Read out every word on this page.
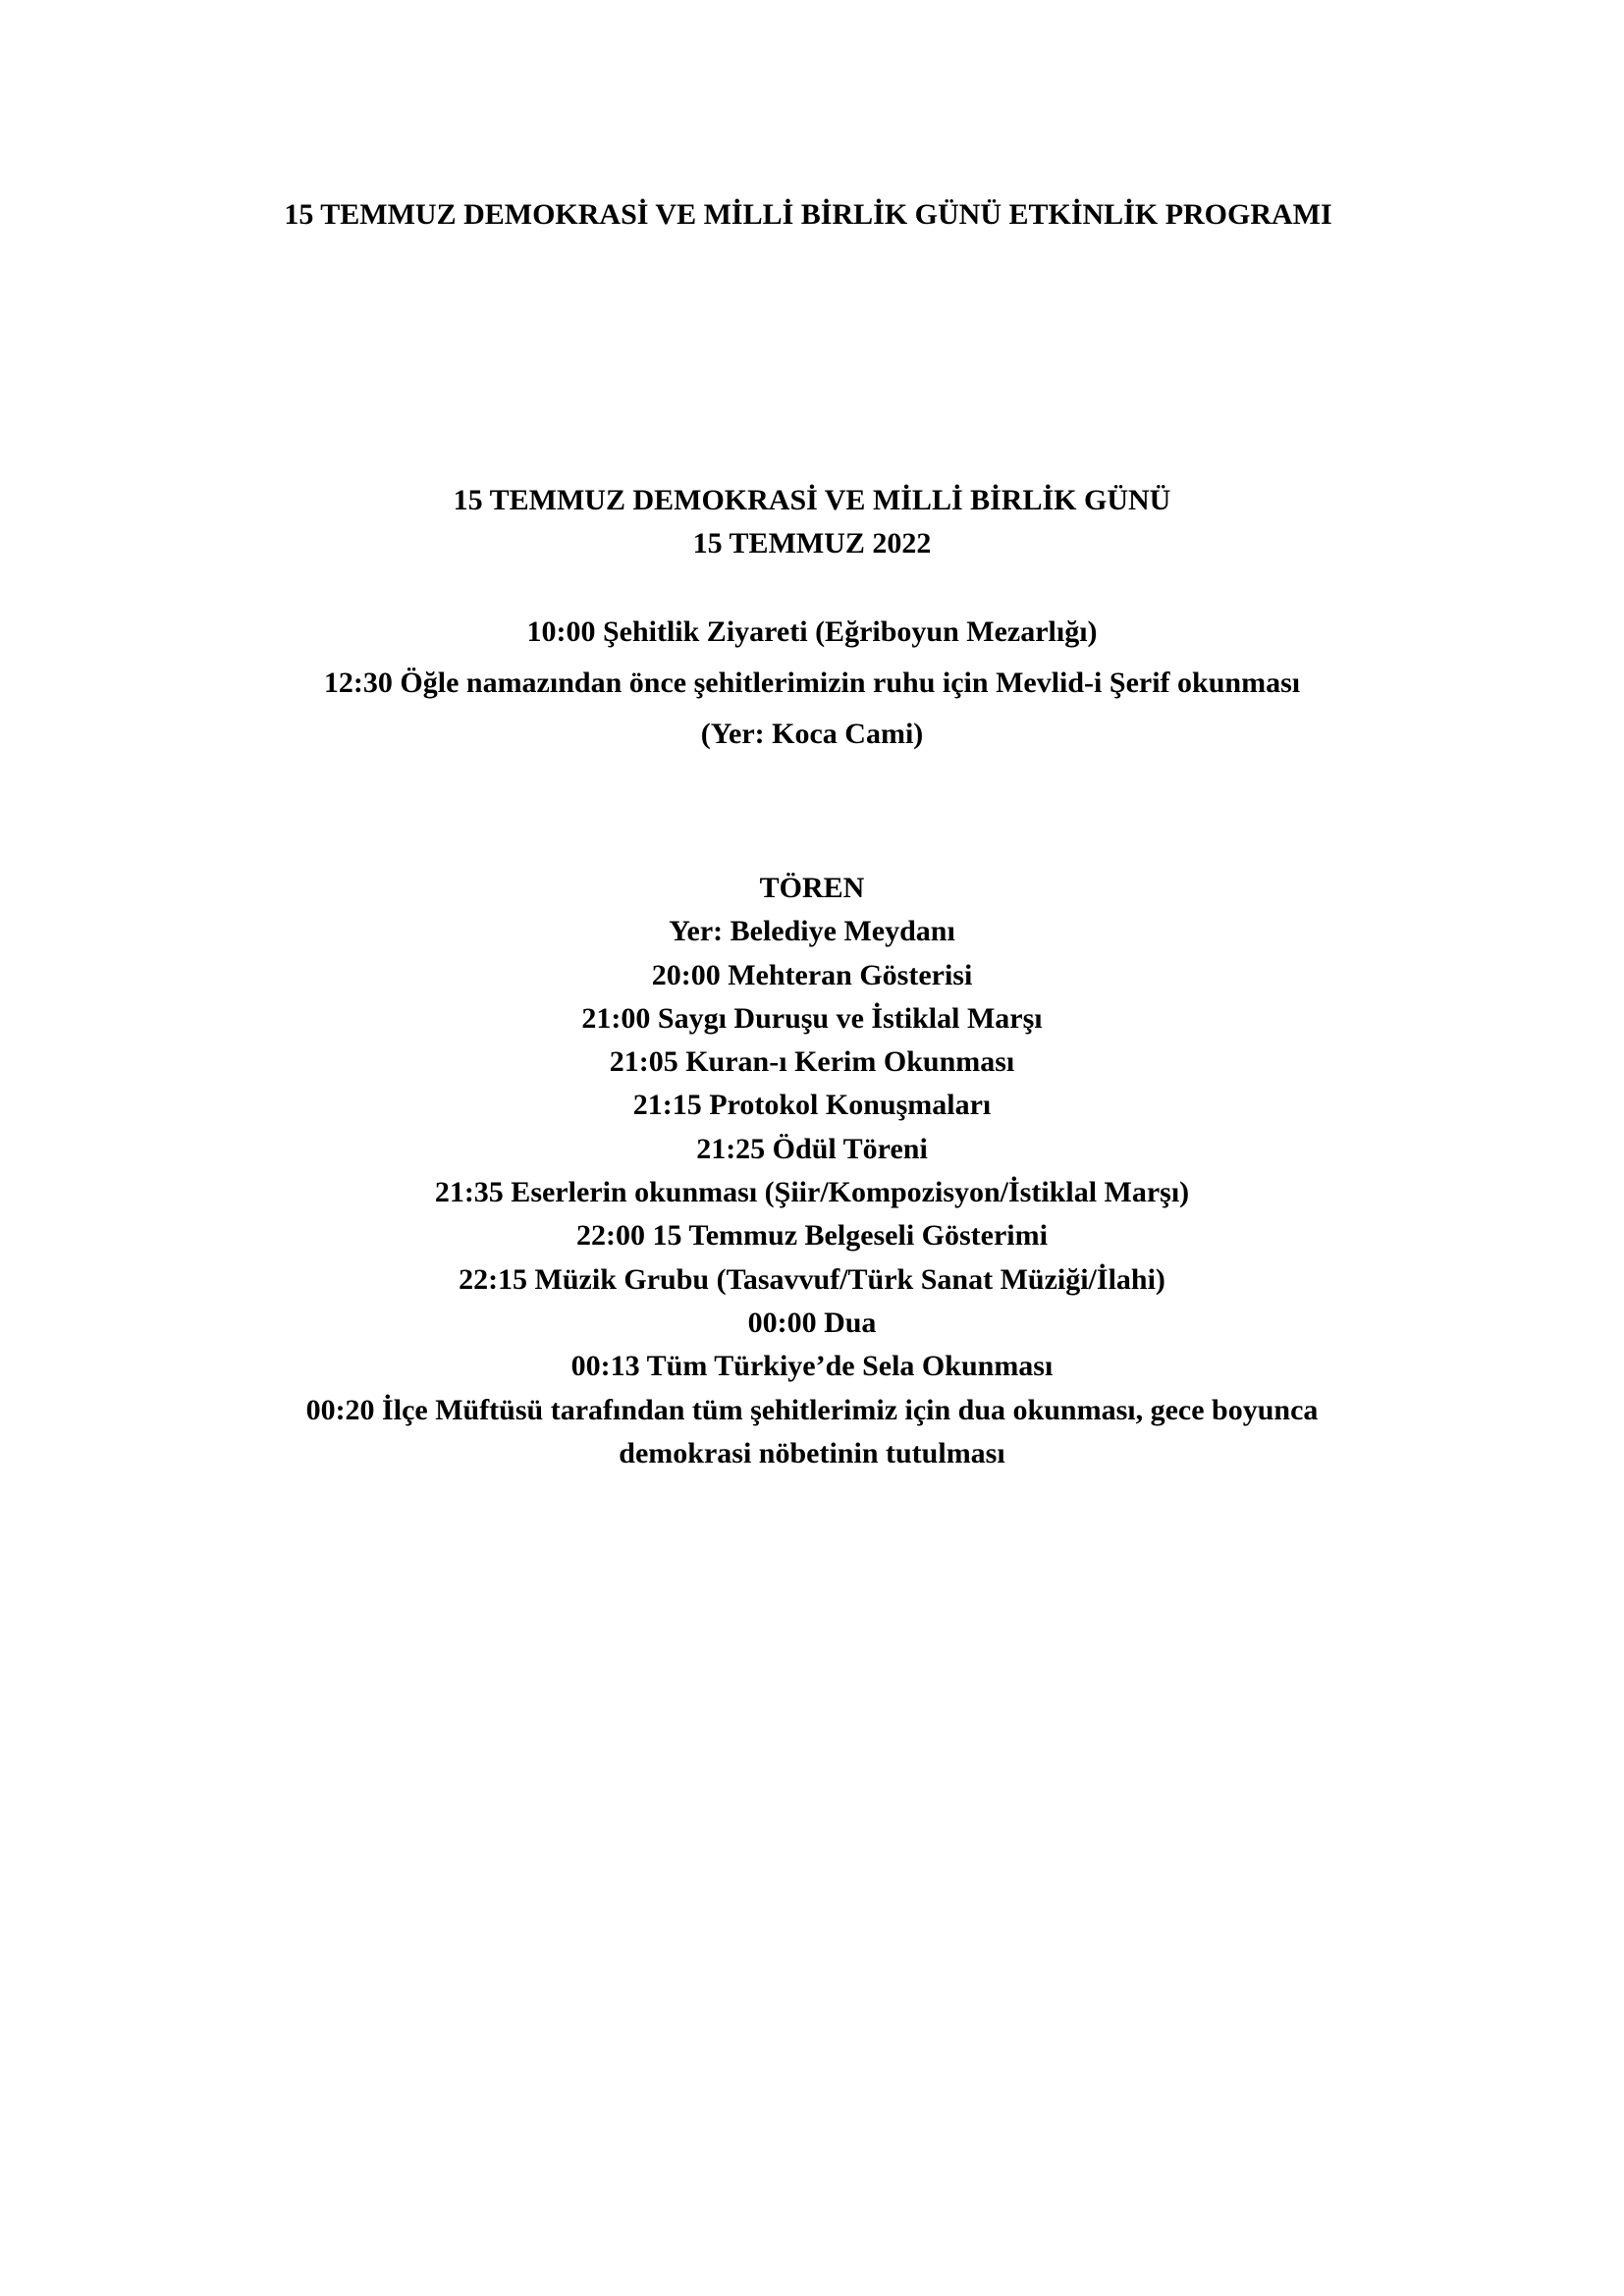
15 TEMMUZ DEMOKRASİ VE MİLLİ BİRLİK GÜNÜ ETKİNLİK PROGRAMI
15 TEMMUZ DEMOKRASİ VE MİLLİ BİRLİK GÜNÜ
15 TEMMUZ 2022
10:00 Şehitlik Ziyareti (Eğriboyun Mezarlığı)
12:30 Öğle namazından önce şehitlerimizin ruhu için Mevlid-i Şerif okunması
(Yer: Koca Cami)
TÖREN
Yer: Belediye Meydanı
20:00 Mehteran Gösterisi
21:00 Saygı Duruşu ve İstiklal Marşı
21:05 Kuran-ı Kerim Okunması
21:15 Protokol Konuşmaları
21:25 Ödül Töreni
21:35 Eserlerin okunması (Şiir/Kompozisyon/İstiklal Marşı)
22:00 15 Temmuz Belgeseli Gösterimi
22:15 Müzik Grubu (Tasavvuf/Türk Sanat Müziği/İlahi)
00:00 Dua
00:13 Tüm Türkiye’de Sela Okunması
00:20 İlçe Müftüsü tarafından tüm şehitlerimiz için dua okunması, gece boyunca
demokrasi nöbetinin tutulması
